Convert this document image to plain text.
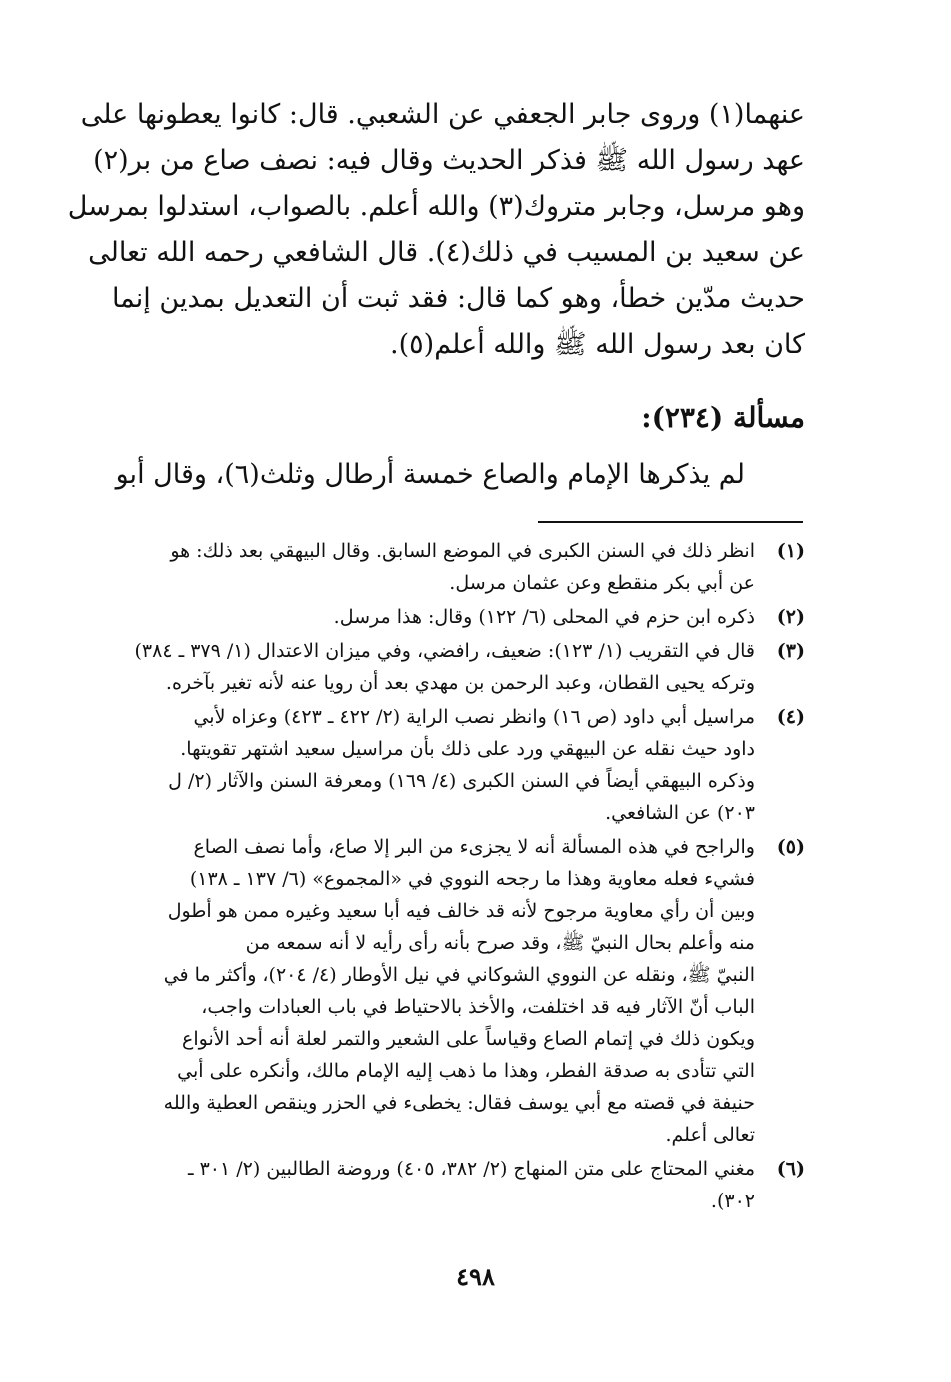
عنهما(١) وروى جابر الجعفي عن الشعبي. قال: كانوا يعطونها على
عهد رسول الله ﷺ فذكر الحديث وقال فيه: نصف صاع من بر(٢)
وهو مرسل، وجابر متروك(٣) والله أعلم. بالصواب، استدلوا بمرسل
عن سعيد بن المسيب في ذلك(٤). قال الشافعي رحمه الله تعالى
حديث مدّين خطأ، وهو كما قال: فقد ثبت أن التعديل بمدين إنما
كان بعد رسول الله ﷺ والله أعلم(٥).
مسألة (٢٣٤):
لم يذكرها الإمام والصاع خمسة أرطال وثلث(٦)، وقال أبو
(١)
انظر ذلك في السنن الكبرى في الموضع السابق. وقال البيهقي بعد ذلك: هو
عن أبي بكر منقطع وعن عثمان مرسل.
(٢)
ذكره ابن حزم في المحلى (٦/ ١٢٢) وقال: هذا مرسل.
(٣)
قال في التقريب (١/ ١٢٣): ضعيف، رافضي، وفي ميزان الاعتدال (١/ ٣٧٩ ـ ٣٨٤)
وتركه يحيى القطان، وعبد الرحمن بن مهدي بعد أن رويا عنه لأنه تغير بآخره.
(٤)
مراسيل أبي داود (ص ١٦) وانظر نصب الراية (٢/ ٤٢٢ ـ ٤٢٣) وعزاه لأبي
داود حيث نقله عن البيهقي ورد على ذلك بأن مراسيل سعيد اشتهر تقويتها.
وذكره البيهقي أيضاً في السنن الكبرى (٤/ ١٦٩) ومعرفة السنن والآثار (٢/ ل
٢٠٣) عن الشافعي.
(٥)
والراجح في هذه المسألة أنه لا يجزىء من البر إلا صاع، وأما نصف الصاع
فشيء فعله معاوية وهذا ما رجحه النووي في «المجموع» (٦/ ١٣٧ ـ ١٣٨)
وبين أن رأي معاوية مرجوح لأنه قد خالف فيه أبا سعيد وغيره ممن هو أطول
منه وأعلم بحال النبيّ ﷺ، وقد صرح بأنه رأى رأيه لا أنه سمعه من
النبيّ ﷺ، ونقله عن النووي الشوكاني في نيل الأوطار (٤/ ٢٠٤)، وأكثر ما في
الباب أنّ الآثار فيه قد اختلفت، والأخذ بالاحتياط في باب العبادات واجب،
ويكون ذلك في إتمام الصاع وقياساً على الشعير والتمر لعلة أنه أحد الأنواع
التي تتأدى به صدقة الفطر، وهذا ما ذهب إليه الإمام مالك، وأنكره على أبي
حنيفة في قصته مع أبي يوسف فقال: يخطىء في الحزر وينقص العطية والله
تعالى أعلم.
(٦)
مغني المحتاج على متن المنهاج (٢/ ٣٨٢، ٤٠٥) وروضة الطالبين (٢/ ٣٠١ ـ
٣٠٢).
٤٩٨
